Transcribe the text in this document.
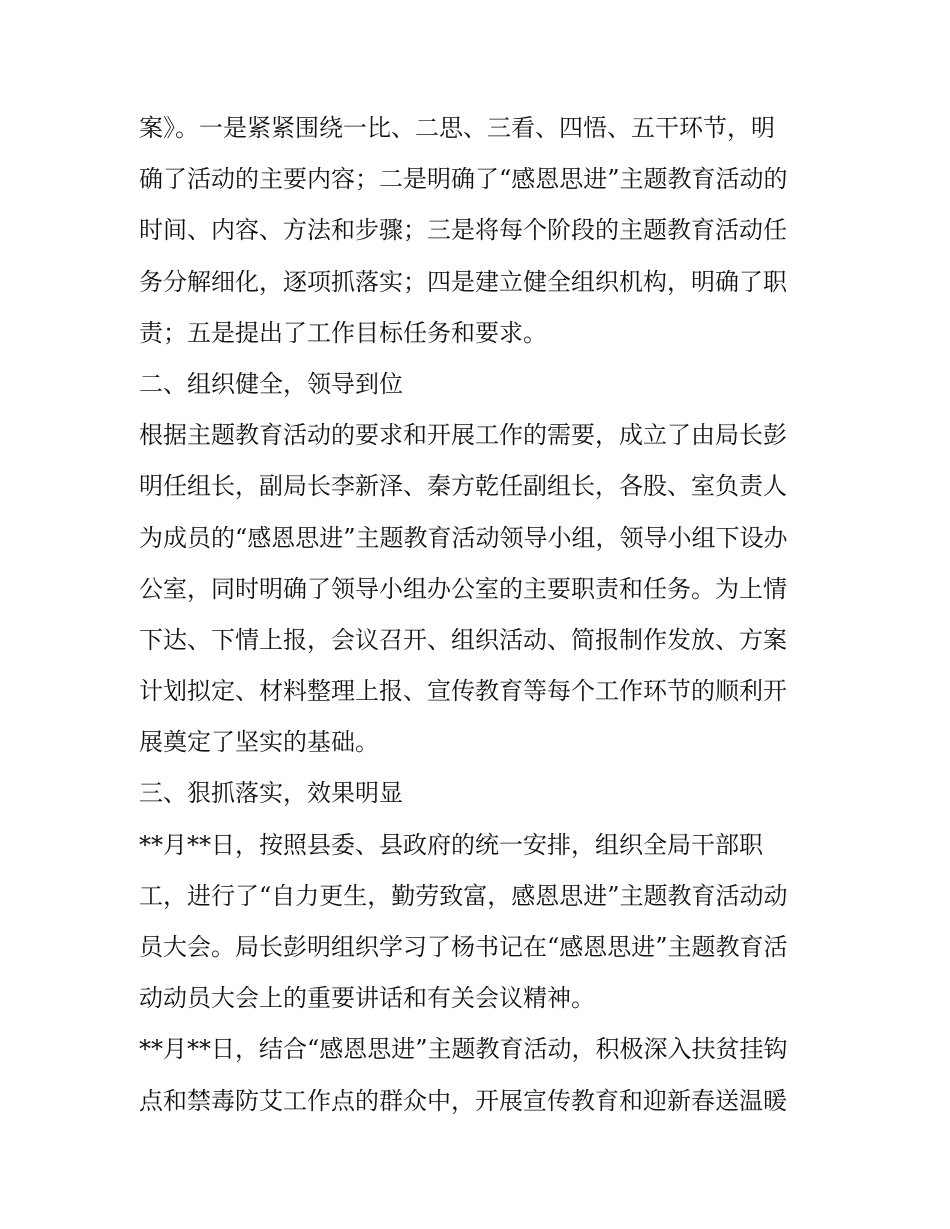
案》。一是紧紧围绕一比、二思、三看、四悟、五干环节，明

确了活动的主要内容；二是明确了“感恩思进”主题教育活动的

时间、内容、方法和步骤；三是将每个阶段的主题教育活动任

务分解细化，逐项抓落实；四是建立健全组织机构，明确了职

责；五是提出了工作目标任务和要求。

二、组织健全，领导到位

根据主题教育活动的要求和开展工作的需要，成立了由局长彭

明任组长，副局长李新泽、秦方乾任副组长，各股、室负责人

为成员的“感恩思进”主题教育活动领导小组，领导小组下设办

公室，同时明确了领导小组办公室的主要职责和任务。为上情

下达、下情上报，会议召开、组织活动、简报制作发放、方案

计划拟定、材料整理上报、宣传教育等每个工作环节的顺利开

展奠定了坚实的基础。

三、狠抓落实，效果明显

**月**日，按照县委、县政府的统一安排，组织全局干部职

工，进行了“自力更生，勤劳致富，感恩思进”主题教育活动动

员大会。局长彭明组织学习了杨书记在“感恩思进”主题教育活

动动员大会上的重要讲话和有关会议精神。

**月**日，结合“感恩思进”主题教育活动，积极深入扶贫挂钩

点和禁毒防艾工作点的群众中，开展宣传教育和迎新春送温暖
